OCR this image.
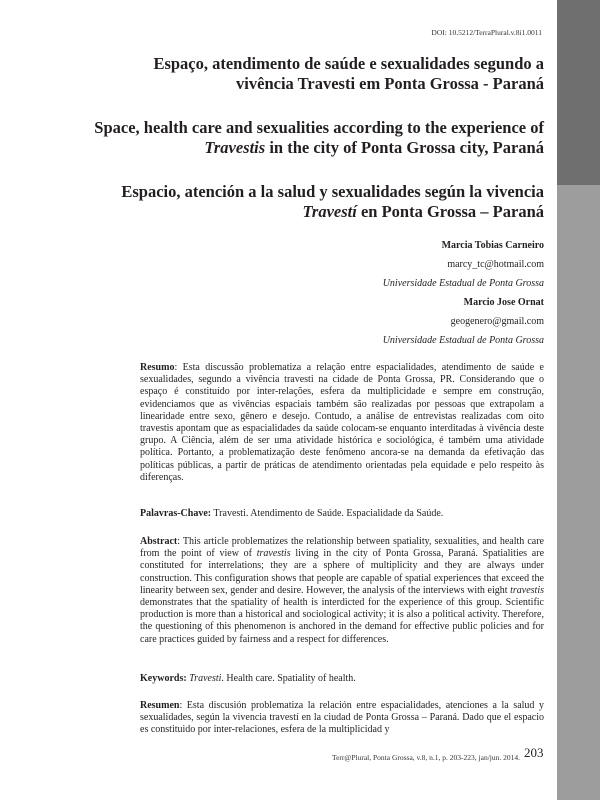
DOI: 10.5212/TerraPlural.v.8i1.0011
Espaço, atendimento de saúde e sexualidades segundo a
vivência Travesti em Ponta Grossa - Paraná
Space, health care and sexualities according to the experience of
Travestis in the city of Ponta Grossa city, Paraná
Espacio, atención a la salud y sexualidades según la vivencia
Travestí en Ponta Grossa – Paraná
Marcia Tobias Carneiro
marcy_tc@hotmail.com
Universidade Estadual de Ponta Grossa
Marcio Jose Ornat
geogenero@gmail.com
Universidade Estadual de Ponta Grossa

Resumo: Esta discussão problematiza a relação entre espacialidades, atendimento de saúde e sexualidades, segundo a vivência travesti na cidade de Ponta Grossa, PR. Considerando que o espaço é constituído por inter-relações, esfera da multiplicidade e sempre em construção, evidenciamos que as vivências espaciais também são realizadas por pessoas que extrapolam a linearidade entre sexo, gênero e desejo. Contudo, a análise de entrevistas realizadas com oito travestis apontam que as espacialidades da saúde colocam-se enquanto interditadas à vivência deste grupo. A Ciência, além de ser uma atividade histórica e sociológica, é também uma atividade política. Portanto, a problematização deste fenômeno ancora-se na demanda da efetivação das políticas públicas, a partir de práticas de atendimento orientadas pela equidade e pelo respeito às diferenças.

Palavras-Chave: Travesti. Atendimento de Saúde. Espacialidade da Saúde.

Abstract: This article problematizes the relationship between spatiality, sexualities, and health care from the point of view of travestis living in the city of Ponta Grossa, Paraná. Spatialities are constituted for interrelations; they are a sphere of multiplicity and they are always under construction. This configuration shows that people are capable of spatial experiences that exceed the linearity between sex, gender and desire. However, the analysis of the interviews with eight travestis demonstrates that the spatiality of health is interdicted for the experience of this group. Scientific production is more than a historical and sociological activity; it is also a political activity. Therefore, the questioning of this phenomenon is anchored in the demand for effective public policies and for care practices guided by fairness and a respect for differences.

Keywords: Travesti. Health care. Spatiality of health.

Resumen: Esta discusión problematiza la relación entre espacialidades, atenciones a la salud y sexualidades, según la vivencia travestí en la ciudad de Ponta Grossa – Paraná. Dado que el espacio es constituido por inter-relaciones, esfera de la multiplicidad y

Terr@Plural, Ponta Grossa, v.8, n.1, p. 203-223, jan/jun. 2014. 203
